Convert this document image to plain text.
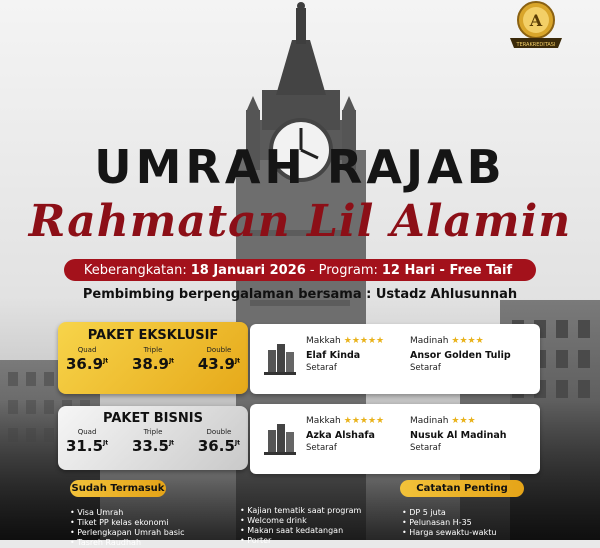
A
TERAKREDITASI
UMRAH RAJAB
Rahmatan Lil Alamin
Keberangkatan: 18 Januari 2026 - Program: 12 Hari - Free Taif
Pembimbing berpengalaman bersama : Ustadz Ahlusunnah
PAKET EKSKLUSIF
Quad
$36.9^{Jt}$
Triple
$38.9^{Jt}$
Double
$43.9^{Jt}$
Makkah ★★★★★
Elaf Kinda
Setaraf
Madinah ★★★★
Ansor Golden Tulip
Setaraf
PAKET BISNIS
Quad
$31.5^{Jt}$
Triple
$33.5^{Jt}$
Double
$36.5^{Jt}$
Makkah ★★★★★
Azka Alshafa
Setaraf
Madinah ★★★
Nusuk Al Madinah
Setaraf
Sudah Termasuk	Catatan Penting
• Visa Umrah
• Tiket PP kelas ekonomi
• Perlengkapan Umrah basic
• Tasreh Raudhah
• Kajian tematik saat program
• Welcome drink
• Makan saat kedatangan
• Porter
• DP 5 juta
• Pelunasan H-35
• Harga sewaktu-waktu
